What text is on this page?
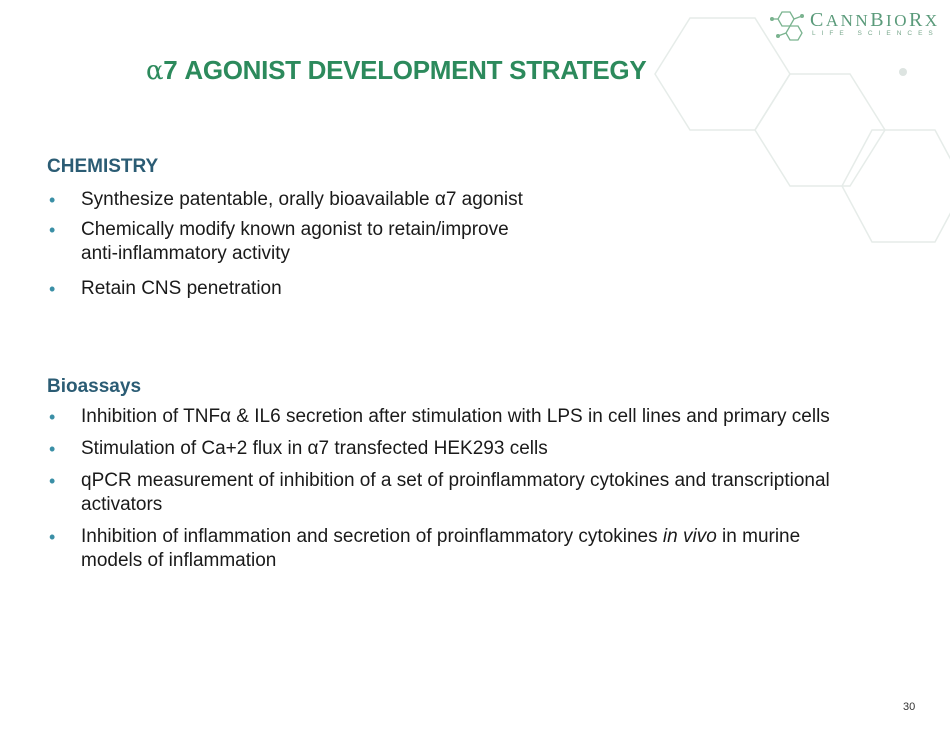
CANNBIORX
LIFE SCIENCES
α7 AGONIST DEVELOPMENT STRATEGY
CHEMISTRY
• Synthesize patentable, orally bioavailable α7 agonist
• Chemically modify known agonist to retain/improve
anti-inflammatory activity
• Retain CNS penetration
Bioassays
• Inhibition of TNFα & IL6 secretion after stimulation with LPS in cell lines and primary cells
• Stimulation of Ca+2 flux in α7 transfected HEK293 cells
• qPCR measurement of inhibition of a set of proinflammatory cytokines and transcriptional activators
• Inhibition of inflammation and secretion of proinflammatory cytokines in vivo in murine models of inflammation
30
